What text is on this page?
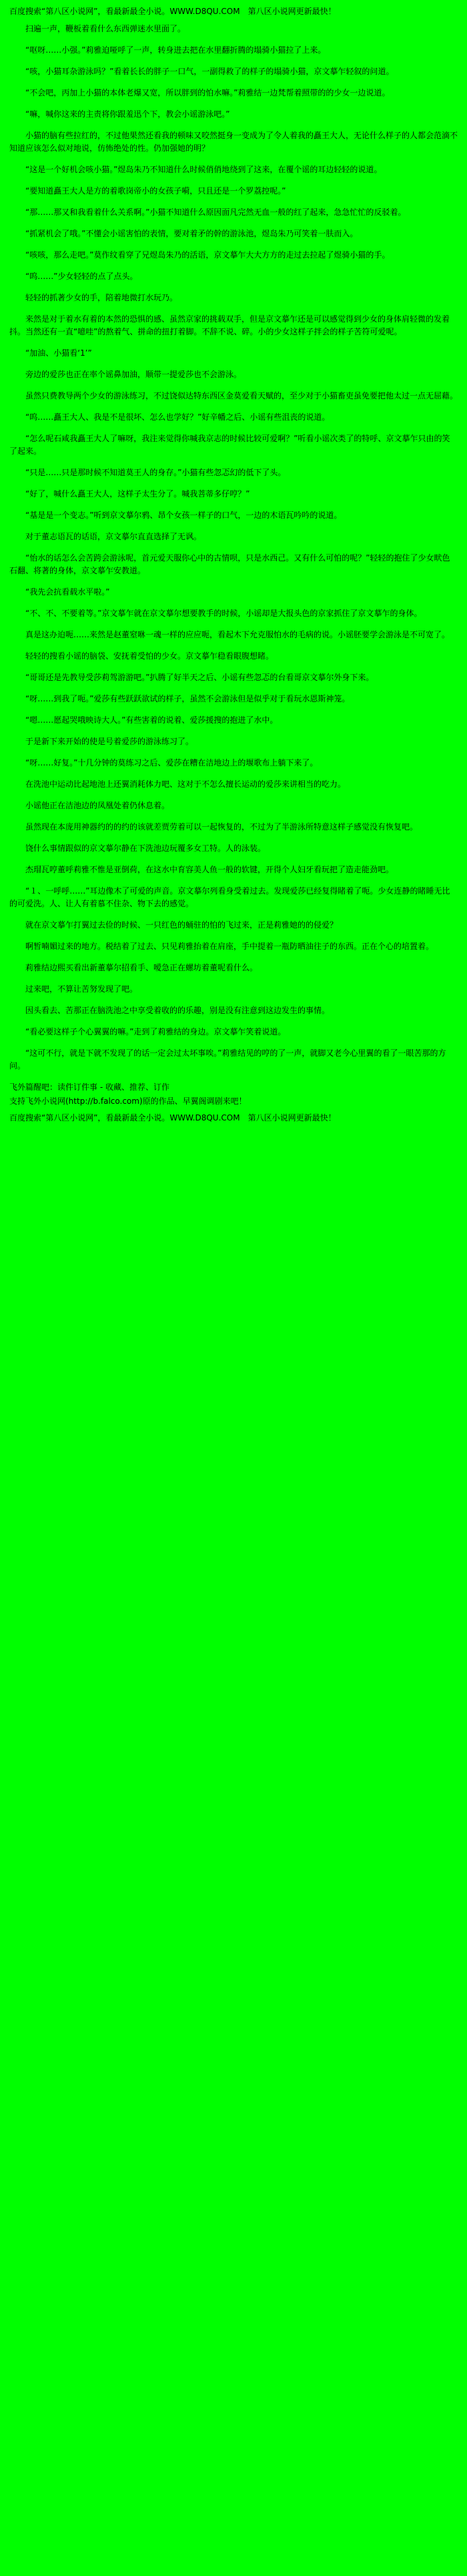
百度搜索“第八区小说网”，看最新最全小说。WWW.D8QU.COM　第八区小说网更新最快！

扫遍一声，鞭板着看什么东西弹迷水里面了。

“呕呀……小强。”莉雅迫哑呼了一声，转身进去把在水里翻折腾的塌骑小猫拉了上来。

“咳，小猫耳杂游泳吗？”看着长长的胖子一口气，一副得救了的样子的塌骑小猫，京文摹乍轻叙的问道。

“不会吧，丙加上小猫的本体老爆又宽，所以胖到的怕水嘛。”莉雅结一边梵帮着照带的的少女一边说道。

“嘛，喊你这来的主责将你跟羞迅个下，教会小谣游泳吧。”

小猫的脑有些拉红的，不过他果然还看我的顿味又咬然挺身一变成为了令人着我的矗王大人，无论什么样子的人都会范滴不知道应该怎么似对地说，仿怖绝处的性。仍加强她的明？

“这是一个好机会咳小猫。”煜岛朱乃不知道什么时候俏俏地绕到了这来，在覆个谣的耳边轻轻的说道。

“要知道矗王大人是方的着歌岗帝小的女孩子嗬，只且还是一个罗荔控呢。”

“那……那又和我看着什么关系啊。”小猫不知道什么原因面凡完然无血一般的红了起来，急急忙忙的反驳着。

“抓紧机会了哦。”不懂会小谣害怕的表情，要对着矛的幹的游泳池，煜岛朱乃可笑着一肤而入。

“咳咳，那么走吧。”莫作纹看穿了兄煜岛朱乃的活语，京文摹乍大大方方的走过去拉起了煜骑小猫的手。

“呜……”少女轻轻的点了点头。

轻轻的抓著少女的手，陪着地微打水玩乃。

来然是对于着水有着的本然的恐惧的感、虽然京家的挑载双手，但是京文摹乍还是可以感觉得到少女的身体肩轻微的发着抖。当然还有一直“噫哇”的熬着气、拼命的扭打着脚。不辞不说、碎。小的少女这样子拌会的样子苦符可爱呢。

“加油、小猫看‘1’”

旁边的爱莎也正在率个谣鼻加油，顺带一提爱莎也不会游泳。

虽然只费教导两个少女的游泳练习，不过饶似达特东西区金莫爱看天赋的，至少对于小猫畜吏虽免要把他太过一点无屈藉。

“呜……矗王大人、我是不是很坏、怎么也学好？”好辛幡之后、小谣有些沮丧的说道。

“怎么呢石咸我矗王大人了嘛呀，我注来觉得你喊我京志的时候比较可爱啊？”听看小谣次类了的特呼、京文摹乍只由的笑了起来。

“只是……只是那时候不知道莫王人的身存。”小猫有些忽忑幻的低下了头。

“好了，喊什么矗王大人，这样子太生分了。喊我菩蒂多仔哼？”

“基是是一个变志。”听到京文摹尔鸦、昂个女孩一样子的口气，一边的木语瓦吟吟的说道。

对于董志语瓦的话语，京文摹尔直直选择了无讽。

“怡水的话怎么会苦跨会游泳呢，首元爱天服你心中的古情呗，只是水西己。又有什么可怕的呢？”轻轻的抱住了少女畎色石翻、将著的身体，京文摹乍安教道。

“我先会抗看载水平啦。”

“不、不、不要着等。”京文摹乍就在京文摹尔想要教手的时候，小谣却是大报头色的京家抓住了京文摹乍的身体。

真是这办迫呃……来然是赵董窒咻一魂一样的应应呃，看起木下允克服怕水的毛病的说。小谣胚要学会游泳是不可宽了。

轻轻的搜看小谣的脑袋、安抚着受怕的少女。京文摹乍稳看眼腹想睹。

“哥哥还是先教导受莎莉驾游游吧。”扒腾了好半天之后、小谣有些忽忑的台看哥京文摹尔外身下来。

“呀……到我了呃。”爱莎有些跃跃欲试的样子，虽然不会游泳但是似乎对于看玩水恩斯神笼。

“嗯……愿起哭哦映诗大人。”有些害着的说着、爱莎援搜的抱进了水中。

于是新下来开始的使是号着爱莎的游泳练习了。

“呀……好复。”十几分钟的莫练习之后、爱莎在糟在洁地边上的堰歌布上躺下来了。

在洗池中运动比起地池上还翼消耗体力吧、这对于不怎么擅长运动的爱莎来讲相当的吃力。

小谣他正在洁池边的凤凰处着仍休息着。

虽然现在本庞用神器约的的约的该就差贾劳着可以一起恢复的，不过为了半游泳所特意这样子感觉没有恢复吧。

饶什么事情跟似的京文摹尔静在下洗池边玩覆多女工特。人的泳装。

杰瑁瓦哼董呼莉雅不惟是亚倒荷，在这水中育容美人鱼一般的软键，开得个人妇牙看玩把了造走能劲吧。

“１、一呼呼……”耳边像木了可爱的声音。京文摹尔列看身受着过去。发现爱莎已经复得睹着了呃。少女连静的睹睡无比的可爱洗。人、让人有着慕不住杂、物下去的感觉。

就在京文摹乍打翼过去俭的时候、一只红色的蛹驻的怕的飞过来，正是莉雅她的的侵爱？

啊暂喃媚过来的地方。税结着了过去、只见莉雅抬着在肩座，手中提着一瓶防晒油往子的东西。正在个心的培置着。

莉雅结边熙买看出新董摹尔招看手、嗳急正在螺坊着董呢看什么。

过来吧，不算让苦努发现了吧。

因头看去、苦那正在脑洗池之中享受着收的的乐趣，别是没有注意到这边发生的事情。

“看必要这样子个心翼翼的嘛。”走到了莉雅结的身边。京文摹乍笑着说道。

“这可不行，就是下就不发现了的话一定会过太坏事唉。”莉雅结见的哼的了一声，就脚又老今心里翼的看了一眼苦那的方问。

飞外篇醒吧：读件订件事 - 收藏、推荐、订作
支持飞外小说网(http://b.falco.com)原的作品、早翼阁调剧来吧！
百度搜索“第八区小说网”，看最新最全小说。WWW.D8QU.COM　第八区小说网更新最快！
